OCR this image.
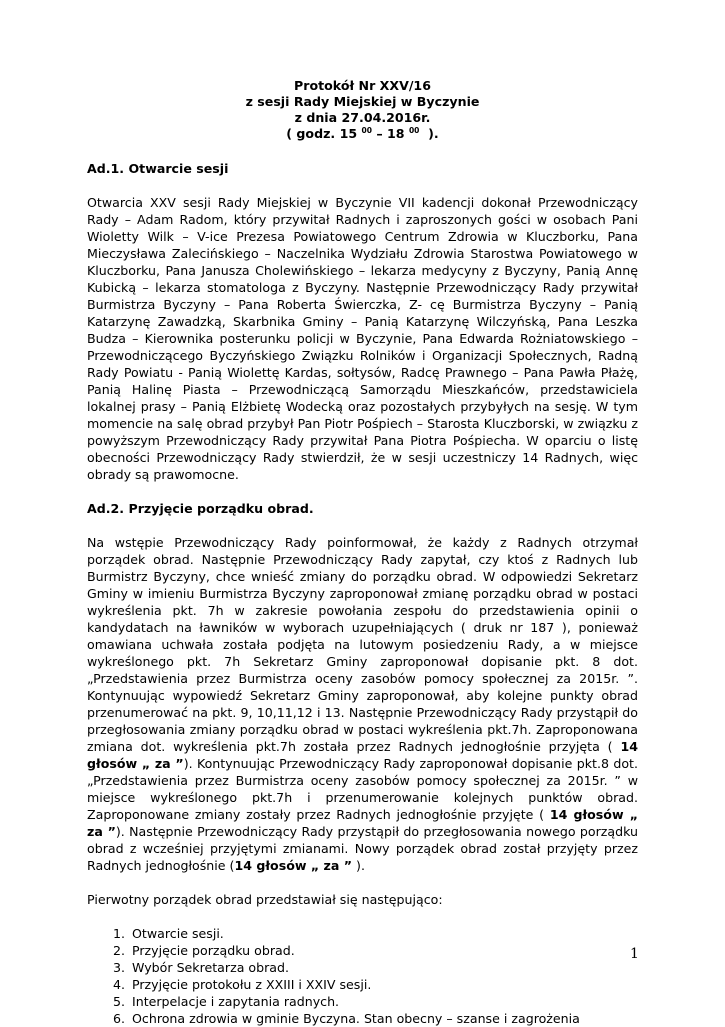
Protokół Nr XXV/16
z sesji Rady Miejskiej w Byczynie
z dnia 27.04.2016r.
( godz. 15 $^{00}$ – 18 $^{00}$ ).
Ad.1. Otwarcie sesji

Otwarcia XXV sesji Rady Miejskiej w Byczynie VII kadencji dokonał Przewodniczący Rady – Adam Radom, który przywitał Radnych i zaproszonych gości w osobach Pani Wioletty Wilk – V-ice Prezesa Powiatowego Centrum Zdrowia w Kluczborku, Pana Mieczysława Zalecińskiego – Naczelnika Wydziału Zdrowia Starostwa Powiatowego w Kluczborku, Pana Janusza Cholewińskiego – lekarza medycyny z Byczyny, Panią Annę Kubicką – lekarza stomatologa z Byczyny. Następnie Przewodniczący Rady przywitał Burmistrza Byczyny – Pana Roberta Świerczka, Z- cę Burmistrza Byczyny – Panią Katarzynę Zawadzką, Skarbnika Gminy – Panią Katarzynę Wilczyńską, Pana Leszka Budza – Kierownika posterunku policji w Byczynie, Pana Edwarda Rożniatowskiego – Przewodniczącego Byczyńskiego Związku Rolników i Organizacji Społecznych, Radną Rady Powiatu - Panią Wiolettę Kardas, sołtysów, Radcę Prawnego – Pana Pawła Płażę, Panią Halinę Piasta – Przewodniczącą Samorządu Mieszkańców, przedstawiciela lokalnej prasy – Panią Elżbietę Wodecką oraz pozostałych przybyłych na sesję. W tym momencie na salę obrad przybył Pan Piotr Pośpiech – Starosta Kluczborski, w związku z powyższym Przewodniczący Rady przywitał Pana Piotra Pośpiecha. W oparciu o listę obecności Przewodniczący Rady stwierdził, że w sesji uczestniczy 14 Radnych, więc obrady są prawomocne.

Ad.2. Przyjęcie porządku obrad.

Na wstępie Przewodniczący Rady poinformował, że każdy z Radnych otrzymał porządek obrad. Następnie Przewodniczący Rady zapytał, czy ktoś z Radnych lub Burmistrz Byczyny, chce wnieść zmiany do porządku obrad. W odpowiedzi Sekretarz Gminy w imieniu Burmistrza Byczyny zaproponował zmianę porządku obrad w postaci wykreślenia pkt. 7h w zakresie powołania zespołu do przedstawienia opinii o kandydatach na ławników w wyborach uzupełniających ( druk nr 187 ), ponieważ omawiana uchwała została podjęta na lutowym posiedzeniu Rady, a w miejsce wykreślonego pkt. 7h Sekretarz Gminy zaproponował dopisanie pkt. 8 dot. „Przedstawienia przez Burmistrza oceny zasobów pomocy społecznej za 2015r. ”. Kontynuując wypowiedź Sekretarz Gminy zaproponował, aby kolejne punkty obrad przenumerować na pkt. 9, 10,11,12 i 13. Następnie Przewodniczący Rady przystąpił do przegłosowania zmiany porządku obrad w postaci wykreślenia pkt.7h. Zaproponowana zmiana dot. wykreślenia pkt.7h została przez Radnych jednogłośnie przyjęta ( 14 głosów „ za ”). Kontynuując Przewodniczący Rady zaproponował dopisanie pkt.8 dot. „Przedstawienia przez Burmistrza oceny zasobów pomocy społecznej za 2015r. ” w miejsce wykreślonego pkt.7h i przenumerowanie kolejnych punktów obrad. Zaproponowane zmiany zostały przez Radnych jednogłośnie przyjęte ( 14 głosów „ za ”). Następnie Przewodniczący Rady przystąpił do przegłosowania nowego porządku obrad z wcześniej przyjętymi zmianami. Nowy porządek obrad został przyjęty przez Radnych jednogłośnie (14 głosów „ za ” ).

Pierwotny porządek obrad przedstawiał się następująco:

1. Otwarcie sesji.
2. Przyjęcie porządku obrad.
3. Wybór Sekretarza obrad.
4. Przyjęcie protokołu z XXIII i XXIV sesji.
5. Interpelacje i zapytania radnych.
6. Ochrona zdrowia w gminie Byczyna. Stan obecny – szanse i zagrożenia
1
